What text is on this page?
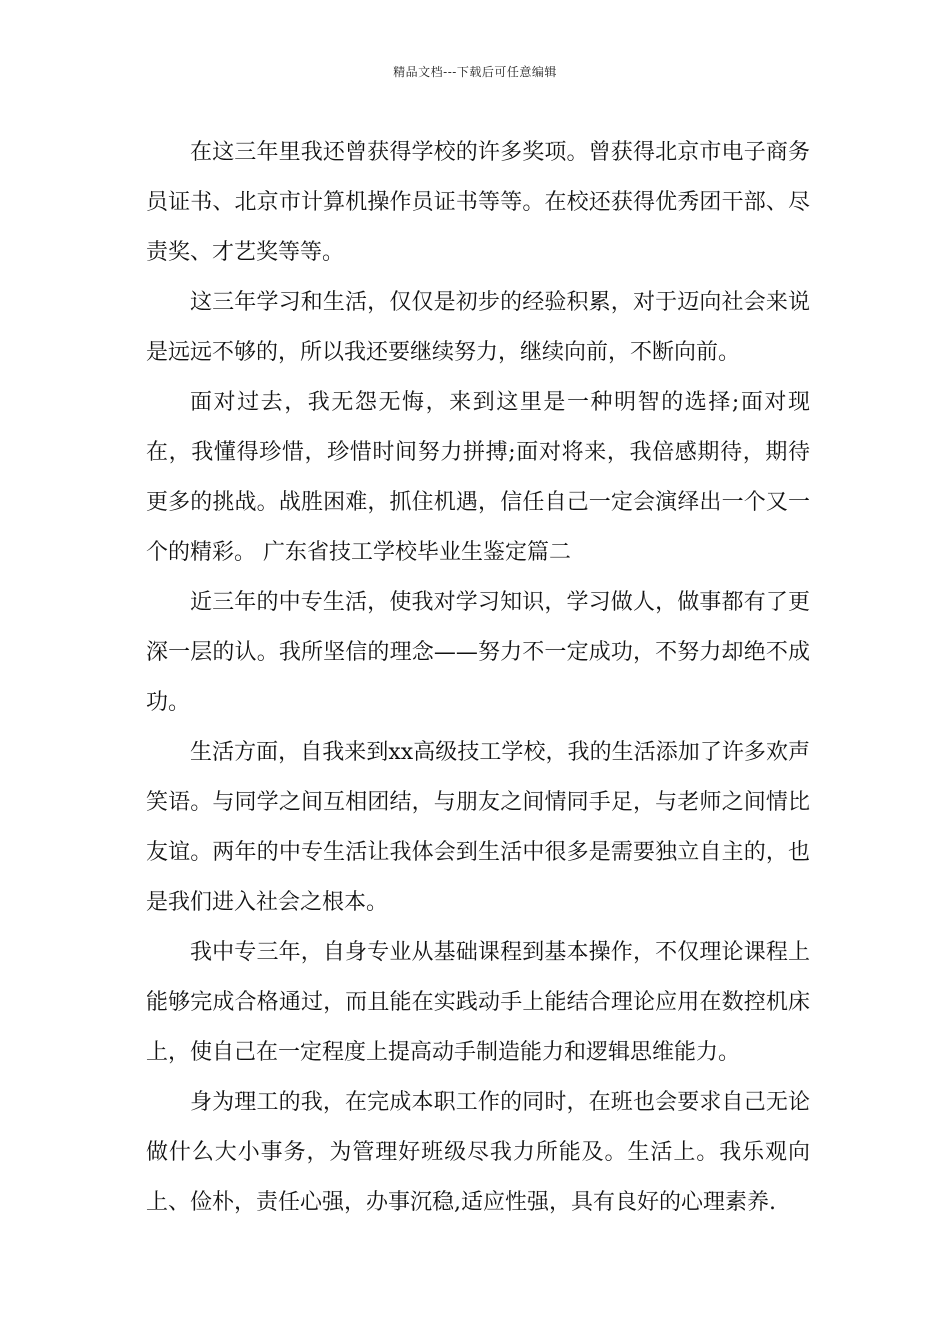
精品文档---下载后可任意编辑

在这三年里我还曾获得学校的许多奖项。曾获得北京市电子商务员证书、北京市计算机操作员证书等等。在校还获得优秀团干部、尽责奖、才艺奖等等。

这三年学习和生活，仅仅是初步的经验积累，对于迈向社会来说是远远不够的，所以我还要继续努力，继续向前，不断向前。

面对过去，我无怨无悔，来到这里是一种明智的选择;面对现在，我懂得珍惜，珍惜时间努力拼搏;面对将来，我倍感期待，期待更多的挑战。战胜困难，抓住机遇，信任自己一定会演绎出一个又一个的精彩。 广东省技工学校毕业生鉴定篇二

近三年的中专生活，使我对学习知识，学习做人，做事都有了更深一层的认。我所坚信的理念——努力不一定成功，不努力却绝不成功。

生活方面，自我来到xx高级技工学校，我的生活添加了许多欢声笑语。与同学之间互相团结，与朋友之间情同手足，与老师之间情比友谊。两年的中专生活让我体会到生活中很多是需要独立自主的，也是我们进入社会之根本。

我中专三年，自身专业从基础课程到基本操作，不仅理论课程上能够完成合格通过，而且能在实践动手上能结合理论应用在数控机床上，使自己在一定程度上提高动手制造能力和逻辑思维能力。

身为理工的我，在完成本职工作的同时，在班也会要求自己无论做什么大小事务，为管理好班级尽我力所能及。生活上。我乐观向上、俭朴，责任心强，办事沉稳,适应性强，具有良好的心理素养.
